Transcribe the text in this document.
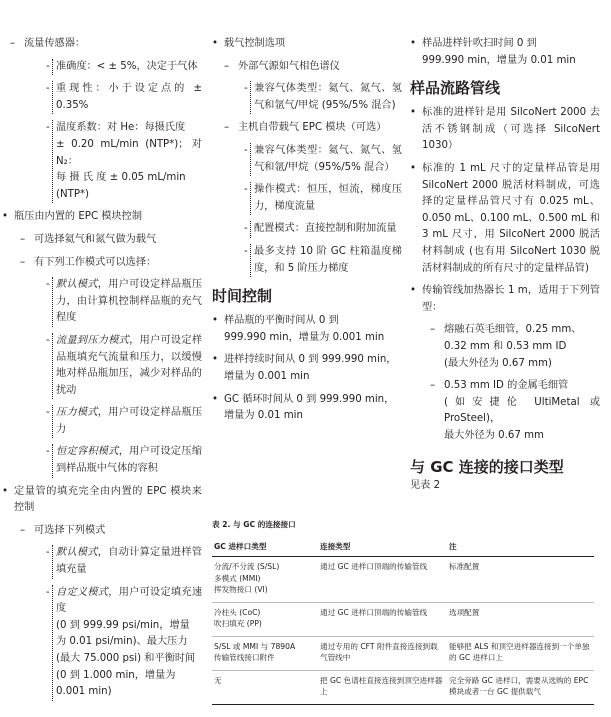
– 流量传感器：
- 准确度：< ± 5%，决定于气体
- 重现性：小于设定点的 ± 0.35%
- 温度系数：对 He：每摄氏度
± 0.20 mL/min (NTP*)；对 N₂：
每 摄 氏 度 ± 0.05 mL/min
(NTP*)
• 瓶压由内置的 EPC 模块控制
– 可选择氦气和氮气做为载气
– 有下列工作模式可以选择：
- 默认模式，用户可设定样品瓶压力，由计算机控制样品瓶的充气程度
- 流量到压力模式，用户可设定样品瓶填充气流量和压力，以缓慢地对样品瓶加压，减少对样品的扰动
- 压力模式，用户可设定样品瓶压力
- 恒定容积模式，用户可设定压缩到样品瓶中气体的容积
• 定量管的填充完全由内置的 EPC 模块来控制
– 可选择下列模式
- 默认模式，自动计算定量进样管填充量
- 自定义模式，用户可设定填充速度
(0 到 999.99 psi/min，增量
为 0.01 psi/min)、最大压力
(最大 75.000 psi) 和平衡时间
(0 到 1.000 min，增量为
0.001 min)
• 载气控制选项
– 外部气源如气相色谱仪
- 兼容气体类型：氦气、氮气、氢气和氩气/甲烷 (95%/5% 混合)
– 主机自带载气 EPC 模块（可选）
- 兼容气体类型：氦气、氮气、氢气和氩/甲烷（95%/5% 混合）
- 操作模式：恒压，恒流，梯度压力，梯度流量
- 配置模式：直接控制和附加流量
- 最多支持 10 阶 GC 柱箱温度梯度，和 5 阶压力梯度
时间控制
• 样品瓶的平衡时间从 0 到
999.990 min，增量为 0.001 min
• 进样持续时间从 0 到 999.990 min，
增量为 0.001 min
• GC 循环时间从 0 到 999.990 min，
增量为 0.01 min
• 样品进样针吹扫时间 0 到
999.990 min，增量为 0.01 min
样品流路管线
• 标准的进样针是用 SilcoNert 2000 去活不锈钢制成（可选择 SilcoNert 1030）
• 标准的 1 mL 尺寸的定量样品管是用 SilcoNert 2000 脱活材料制成，可选择的定量样品管尺寸有 0.025 mL、0.050 mL、0.100 mL、0.500 mL 和 3 mL 尺寸，用 SilcoNert 2000 脱活材料制成 (也有用 SilcoNert 1030 脱活材料制成的所有尺寸的定量样品管)
• 传输管线加热器长 1 m，适用于下列管型：
– 熔融石英毛细管，0.25 mm、
0.32 mm 和 0.53 mm ID
(最大外径为 0.67 mm)
– 0.53 mm ID 的金属毛细管
(如安捷伦 UltiMetal 或 ProSteel)，
最大外径为 0.67 mm
与 GC 连接的接口类型
见表 2
表 2. 与 GC 的连接接口
GC 进样口类型	连接类型	注
分流/不分流 (S/SL)
多模式 (MMI)
挥发物接口 (VI)	通过 GC 进样口顶端的传输管线	标准配置
冷柱头 (CoC)
吹扫填充 (PP)	通过 GC 进样口顶端的传输管线	选项配置
S/SL 或 MMI 与 7890A
传输管线接口附件	通过专用的 CFT 附件直接连接到载气管线中	能够把 ALS 和顶空进样器连接到一个单独的 GC 进样口上
无	把 GC 色谱柱直接连接到顶空进样器上	完全旁路 GC 进样口，需要从选购的 EPC 模块或者一台 GC 提供载气
